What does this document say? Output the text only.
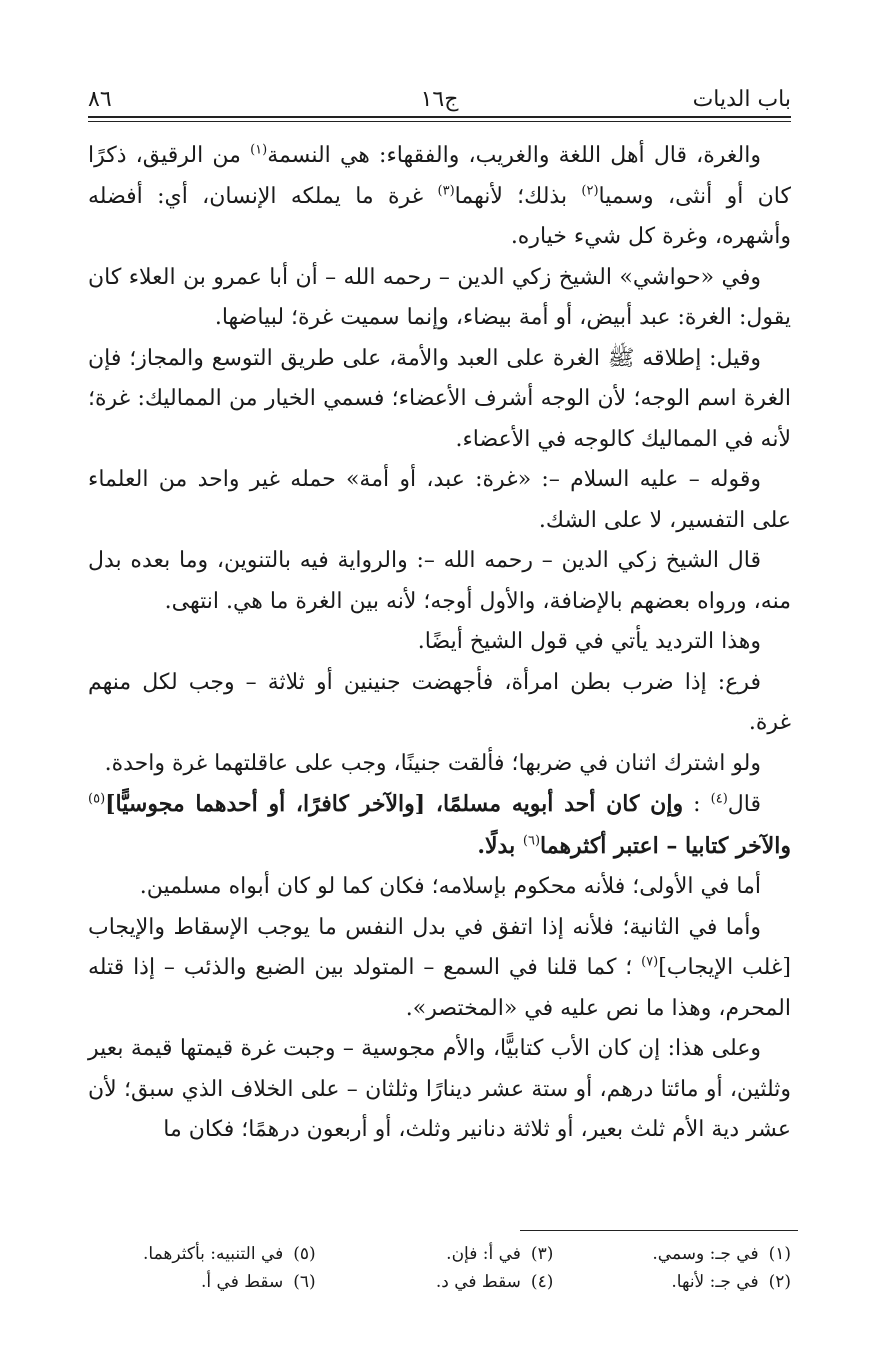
باب الديات
ج١٦
٨٦

والغرة، قال أهل اللغة والغريب، والفقهاء: هي النسمة$^{(١)}$ من الرقيق، ذكرًا كان أو أنثى، وسميا$^{(٢)}$ بذلك؛ لأنهما$^{(٣)}$ غرة ما يملكه الإنسان، أي: أفضله وأشهره، وغرة كل شيء خياره.

وفي «حواشي» الشيخ زكي الدين – رحمه الله – أن أبا عمرو بن العلاء كان يقول: الغرة: عبد أبيض، أو أمة بيضاء، وإنما سميت غرة؛ لبياضها.

وقيل: إطلاقه ﷺ الغرة على العبد والأمة، على طريق التوسع والمجاز؛ فإن الغرة اسم الوجه؛ لأن الوجه أشرف الأعضاء؛ فسمي الخيار من المماليك: غرة؛ لأنه في المماليك كالوجه في الأعضاء.

وقوله – عليه السلام –: «غرة: عبد، أو أمة» حمله غير واحد من العلماء على التفسير، لا على الشك.

قال الشيخ زكي الدين – رحمه الله –: والرواية فيه بالتنوين، وما بعده بدل منه، ورواه بعضهم بالإضافة، والأول أوجه؛ لأنه بين الغرة ما هي. انتهى.

وهذا الترديد يأتي في قول الشيخ أيضًا.

فرع: إذا ضرب بطن امرأة، فأجهضت جنينين أو ثلاثة – وجب لكل منهم غرة.

ولو اشترك اثنان في ضربها؛ فألقت جنينًا، وجب على عاقلتهما غرة واحدة.

قال$^{(٤)}$ : وإن كان أحد أبويه مسلمًا، [والآخر كافرًا، أو أحدهما مجوسيًّا]$^{(٥)}$ والآخر كتابيا – اعتبر أكثرهما$^{(٦)}$ بدلًا.

أما في الأولى؛ فلأنه محكوم بإسلامه؛ فكان كما لو كان أبواه مسلمين.

وأما في الثانية؛ فلأنه إذا اتفق في بدل النفس ما يوجب الإسقاط والإيجاب [غلب الإيجاب]$^{(٧)}$ ؛ كما قلنا في السمع – المتولد بين الضبع والذئب – إذا قتله المحرم، وهذا ما نص عليه في «المختصر».

وعلى هذا: إن كان الأب كتابيًّا، والأم مجوسية – وجبت غرة قيمتها قيمة بعير وثلثين، أو مائتا درهم، أو ستة عشر دينارًا وثلثان – على الخلاف الذي سبق؛ لأن عشر دية الأم ثلث بعير، أو ثلاثة دنانير وثلث، أو أربعون درهمًا؛ فكان ما

(١)في جـ: وسمي.
(٢)في جـ: لأنها.
(٣)في أ: فإن.
(٤)سقط في د.
(٥)في التنبيه: بأكثرهما.
(٦)سقط في أ.
